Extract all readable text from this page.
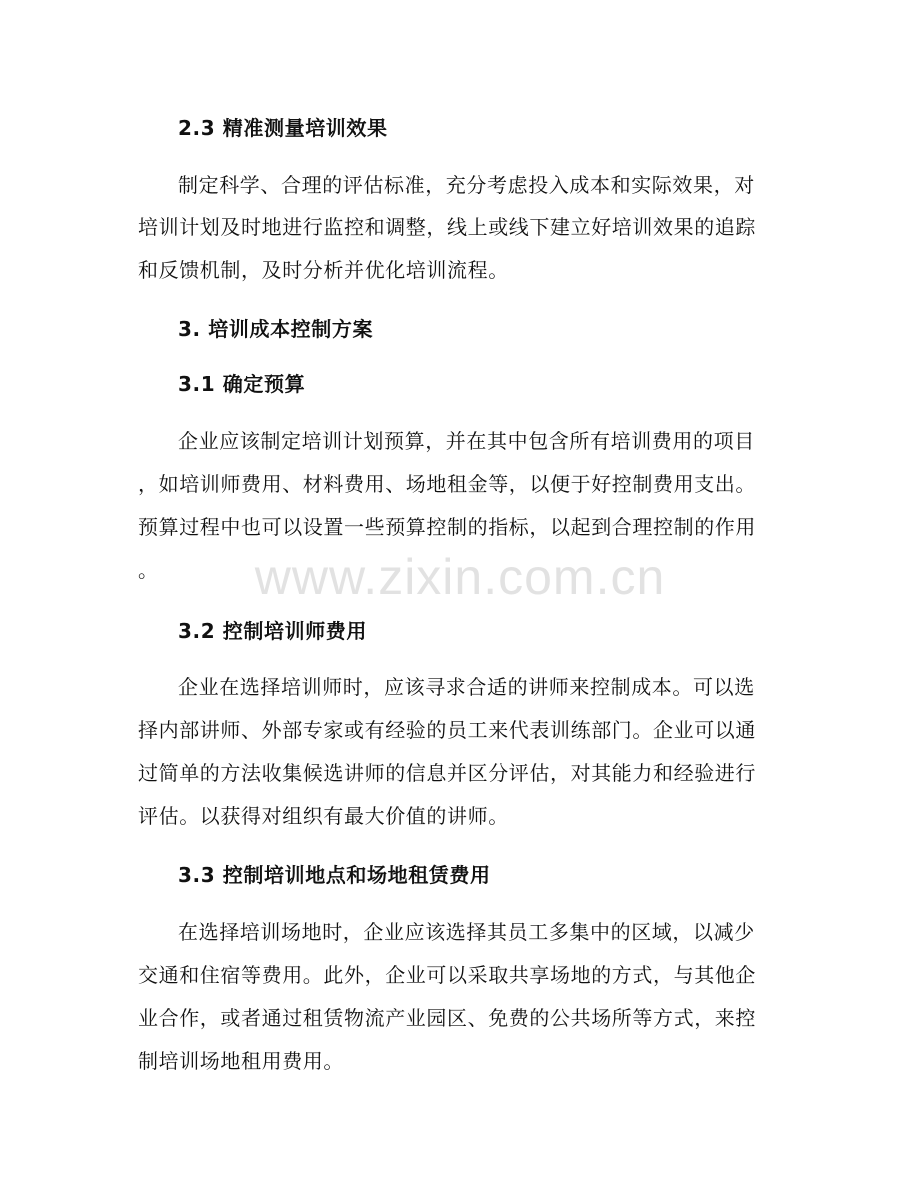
2.3 精准测量培训效果
制定科学、合理的评估标准，充分考虑投入成本和实际效果，对
培训计划及时地进行监控和调整，线上或线下建立好培训效果的追踪
和反馈机制，及时分析并优化培训流程。
3. 培训成本控制方案
3.1 确定预算
企业应该制定培训计划预算，并在其中包含所有培训费用的项目
，如培训师费用、材料费用、场地租金等，以便于好控制费用支出。
预算过程中也可以设置一些预算控制的指标，以起到合理控制的作用
。
3.2 控制培训师费用
企业在选择培训师时，应该寻求合适的讲师来控制成本。可以选
择内部讲师、外部专家或有经验的员工来代表训练部门。企业可以通
过简单的方法收集候选讲师的信息并区分评估，对其能力和经验进行
评估。以获得对组织有最大价值的讲师。
3.3 控制培训地点和场地租赁费用
在选择培训场地时，企业应该选择其员工多集中的区域，以减少
交通和住宿等费用。此外，企业可以采取共享场地的方式，与其他企
业合作，或者通过租赁物流产业园区、免费的公共场所等方式，来控
制培训场地租用费用。
www.zixin.com.cn
